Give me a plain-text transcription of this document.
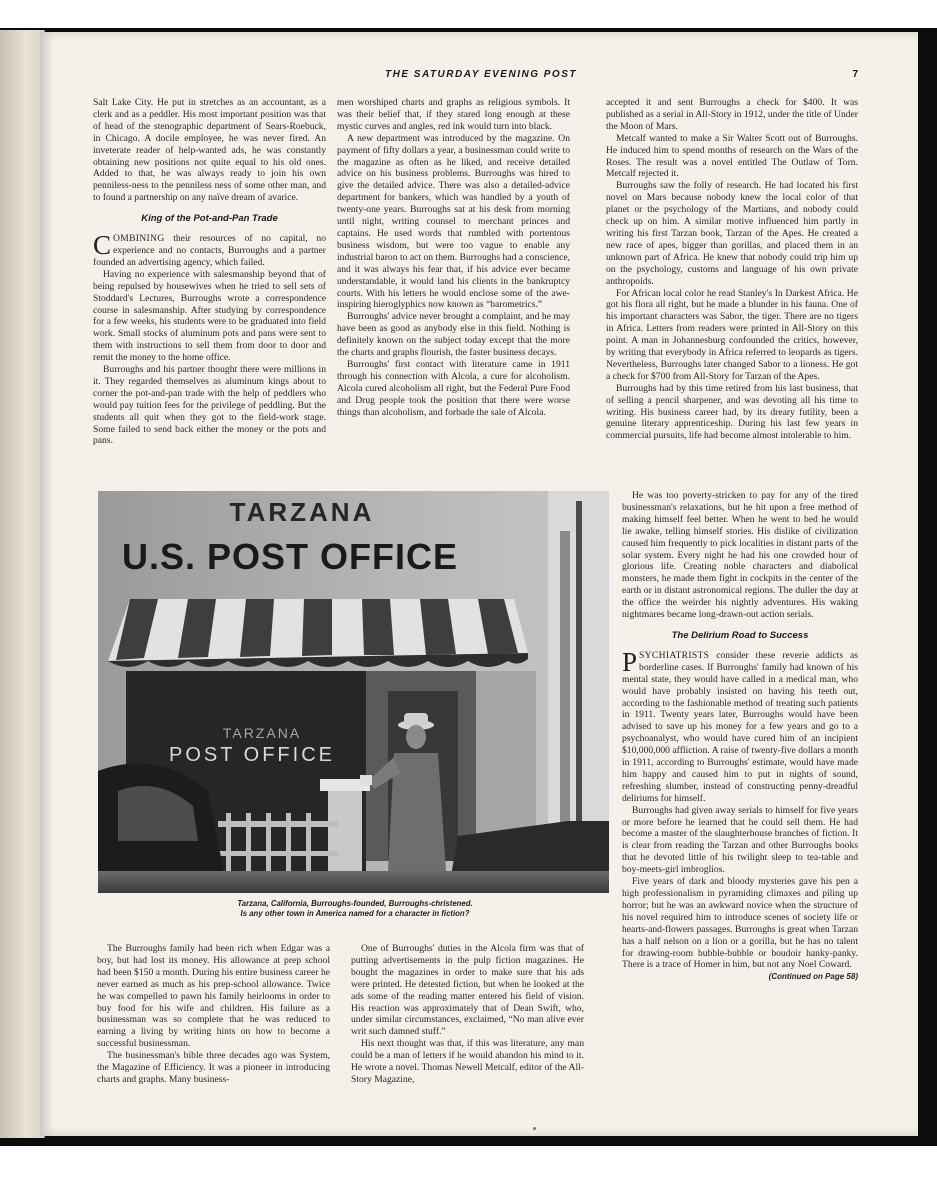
THE SATURDAY EVENING POST	7

Salt Lake City. He put in stretches as an accountant, as a clerk and as a peddler. His most important position was that of head of the stenographic department of Sears-Roebuck, in Chicago. A docile employee, he was never fired. An inveterate reader of help-wanted ads, he was constantly obtaining new positions not quite equal to his old ones. Added to that, he was always ready to join his own penniless-ness to the penniless ness of some other man, and to found a partnership on any naïve dream of avarice.

King of the Pot-and-Pan Trade

COMBINING their resources of no capital, no experience and no contacts, Burroughs and a partner founded an advertising agency, which failed.

Having no experience with salesmanship beyond that of being repulsed by housewives when he tried to sell sets of Stoddard's Lectures, Burroughs wrote a correspondence course in salesmanship. After studying by correspondence for a few weeks, his students were to be graduated into field work. Small stocks of aluminum pots and pans were sent to them with instructions to sell them from door to door and remit the money to the home office.

Burroughs and his partner thought there were millions in it. They regarded themselves as aluminum kings about to corner the pot-and-pan trade with the help of peddlers who would pay tuition fees for the privilege of peddling. But the students all quit when they got to the field-work stage. Some failed to send back either the money or the pots and pans.

men worshiped charts and graphs as religious symbols. It was their belief that, if they stared long enough at these mystic curves and angles, red ink would turn into black.

A new department was introduced by the magazine. On payment of fifty dollars a year, a businessman could write to the magazine as often as he liked, and receive detailed advice on his business problems. Burroughs was hired to give the detailed advice. There was also a detailed-advice department for bankers, which was handled by a youth of twenty-one years. Burroughs sat at his desk from morning until night, writing counsel to merchant princes and captains. He used words that rumbled with portentous business wisdom, but were too vague to enable any industrial baron to act on them. Burroughs had a conscience, and it was always his fear that, if his advice ever became understandable, it would land his clients in the bankruptcy courts. With his letters he would enclose some of the awe-inspiring hieroglyphics now known as “barometrics.”

Burroughs' advice never brought a complaint, and he may have been as good as anybody else in this field. Nothing is definitely known on the subject today except that the more the charts and graphs flourish, the faster business decays.

Burroughs' first contact with literature came in 1911 through his connection with Alcola, a cure for alcoholism. Alcola cured alcoholism all right, but the Federal Pure Food and Drug people took the position that there were worse things than alcoholism, and forbade the sale of Alcola.

accepted it and sent Burroughs a check for $400. It was published as a serial in All-Story in 1912, under the title of Under the Moon of Mars.

Metcalf wanted to make a Sir Walter Scott out of Burroughs. He induced him to spend months of research on the Wars of the Roses. The result was a novel entitled The Outlaw of Torn. Metcalf rejected it.

Burroughs saw the folly of research. He had located his first novel on Mars because nobody knew the local color of that planet or the psychology of the Martians, and nobody could check up on him. A similar motive influenced him partly in writing his first Tarzan book, Tarzan of the Apes. He created a new race of apes, bigger than gorillas, and placed them in an unknown part of Africa. He knew that nobody could trip him up on the psychology, customs and language of his own private anthropoids.

For African local color he read Stanley's In Darkest Africa. He got his flora all right, but he made a blunder in his fauna. One of his important characters was Sabor, the tiger. There are no tigers in Africa. Letters from readers were printed in All-Story on this point. A man in Johannesburg confounded the critics, however, by writing that everybody in Africa referred to leopards as tigers. Nevertheless, Burroughs later changed Sabor to a lioness. He got a check for $700 from All-Story for Tarzan of the Apes.

Burroughs had by this time retired from his last business, that of selling a pencil sharpener, and was devoting all his time to writing. His business career had, by its dreary futility, been a genuine literary apprenticeship. During his last few years in commercial pursuits, life had become almost intolerable to him.

He was too poverty-stricken to pay for any of the tired businessman's relaxations, but he hit upon a free method of making himself feel better. When he went to bed he would lie awake, telling himself stories. His dislike of civilization caused him frequently to pick localities in distant parts of the solar system. Every night he had his one crowded hour of glorious life. Creating noble characters and diabolical monsters, he made them fight in cockpits in the center of the earth or in distant astronomical regions. The duller the day at the office the weirder his nightly adventures. His waking nightmares became long-drawn-out action serials.

The Delirium Road to Success

PSYCHIATRISTS consider these reverie addicts as borderline cases. If Burroughs' family had known of his mental state, they would have called in a medical man, who would have probably insisted on having his teeth out, according to the fashionable method of treating such patients in 1911. Twenty years later, Burroughs would have been advised to save up his money for a few years and go to a psychoanalyst, who would have cured him of an incipient $10,000,000 affliction. A raise of twenty-five dollars a month in 1911, according to Burroughs' estimate, would have made him happy and caused him to put in nights of sound, refreshing slumber, instead of constructing penny-dreadful deliriums for himself.

Burroughs had given away serials to himself for five years or more before he learned that he could sell them. He had become a master of the slaughterhouse branches of fiction. It is clear from reading the Tarzan and other Burroughs books that he devoted little of his twilight sleep to tea-table and boy-meets-girl imbroglios.

Five years of dark and bloody mysteries gave his pen a high professionalism in pyramiding climaxes and piling up horror; but he was an awkward novice when the structure of his novel required him to introduce scenes of society life or hearts-and-flowers passages. Burroughs is great when Tarzan has a half nelson on a lion or a gorilla, but he has no talent for drawing-room bubble-bubble or boudoir hanky-panky. There is a trace of Homer in him, but not any Noel Coward.

(Continued on Page 58)

TARZANA
U.S. POST OFFICE
TARZANA
POST OFFICE
Tarzana, California, Burroughs-founded, Burroughs-christened.
Is any other town in America named for a character in fiction?

The Burroughs family had been rich when Edgar was a boy, but had lost its money. His allowance at prep school had been $150 a month. During his entire business career he never earned as much as his prep-school allowance. Twice he was compelled to pawn his family heirlooms in order to buy food for his wife and children. His failure as a businessman was so complete that he was reduced to earning a living by writing hints on how to become a successful businessman.

The businessman's bible three decades ago was System, the Magazine of Efficiency. It was a pioneer in introducing charts and graphs. Many business-

One of Burroughs' duties in the Alcola firm was that of putting advertisements in the pulp fiction magazines. He bought the magazines in order to make sure that his ads were printed. He detested fiction, but when he looked at the ads some of the reading matter entered his field of vision. His reaction was approximately that of Dean Swift, who, under similar circumstances, exclaimed, “No man alive ever writ such damned stuff.”

His next thought was that, if this was literature, any man could be a man of letters if he would abandon his mind to it. He wrote a novel. Thomas Newell Metcalf, editor of the All-Story Magazine,
